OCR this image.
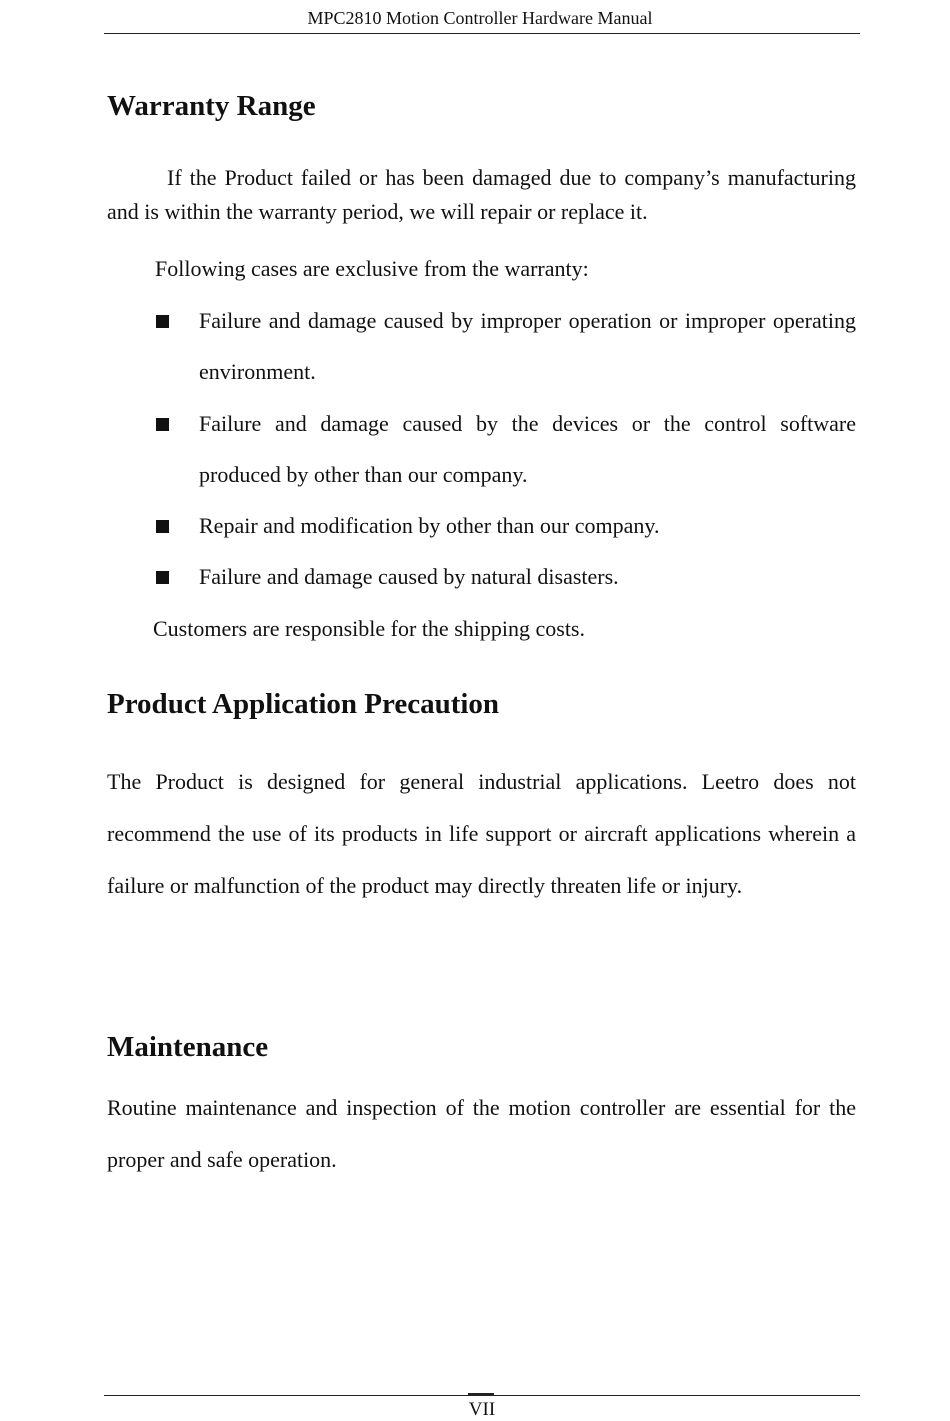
MPC2810 Motion Controller Hardware Manual
Warranty Range

If the Product failed or has been damaged due to company’s manufacturing and is within the warranty period, we will repair or replace it.

Following cases are exclusive from the warranty:

Failure and damage caused by improper operation or improper operating environment.
Failure and damage caused by the devices or the control software produced by other than our company.
Repair and modification by other than our company.
Failure and damage caused by natural disasters.

Customers are responsible for the shipping costs.

Product Application Precaution

The Product is designed for general industrial applications. Leetro does not recommend the use of its products in life support or aircraft applications wherein a failure or malfunction of the product may directly threaten life or injury.

Maintenance

Routine maintenance and inspection of the motion controller are essential for the proper and safe operation.

VII
